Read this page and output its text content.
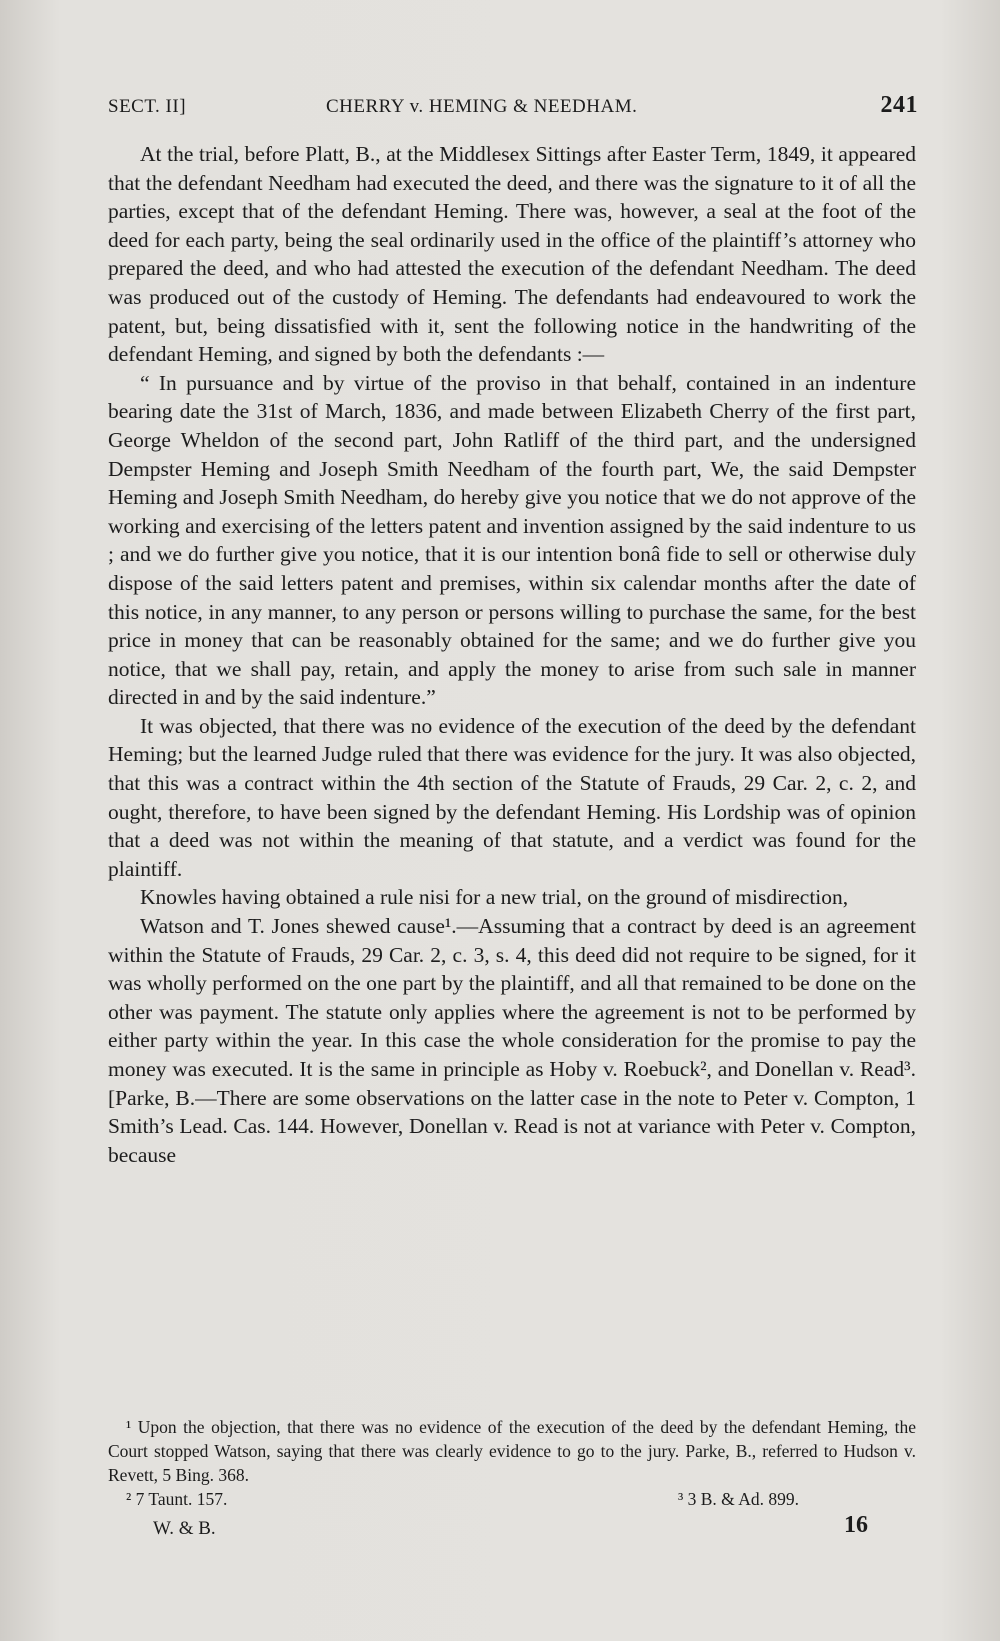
SECT. II]	CHERRY v. HEMING & NEEDHAM.	241

At the trial, before Platt, B., at the Middlesex Sittings after Easter Term, 1849, it appeared that the defendant Needham had executed the deed, and there was the signature to it of all the parties, except that of the defendant Heming. There was, however, a seal at the foot of the deed for each party, being the seal ordinarily used in the office of the plaintiff’s attorney who prepared the deed, and who had attested the execution of the defendant Needham. The deed was produced out of the custody of Heming. The defendants had endeavoured to work the patent, but, being dissatisfied with it, sent the following notice in the handwriting of the defendant Heming, and signed by both the defendants :—

“ In pursuance and by virtue of the proviso in that behalf, contained in an indenture bearing date the 31st of March, 1836, and made between Elizabeth Cherry of the first part, George Wheldon of the second part, John Ratliff of the third part, and the undersigned Dempster Heming and Joseph Smith Needham of the fourth part, We, the said Dempster Heming and Joseph Smith Needham, do hereby give you notice that we do not approve of the working and exercising of the letters patent and invention assigned by the said indenture to us ; and we do further give you notice, that it is our intention bonâ fide to sell or otherwise duly dispose of the said letters patent and premises, within six calendar months after the date of this notice, in any manner, to any person or persons willing to purchase the same, for the best price in money that can be reasonably obtained for the same; and we do further give you notice, that we shall pay, retain, and apply the money to arise from such sale in manner directed in and by the said indenture.”

It was objected, that there was no evidence of the execution of the deed by the defendant Heming; but the learned Judge ruled that there was evidence for the jury. It was also objected, that this was a contract within the 4th section of the Statute of Frauds, 29 Car. 2, c. 2, and ought, therefore, to have been signed by the defendant Heming. His Lordship was of opinion that a deed was not within the meaning of that statute, and a verdict was found for the plaintiff.

Knowles having obtained a rule nisi for a new trial, on the ground of misdirection,

Watson and T. Jones shewed cause¹.—Assuming that a contract by deed is an agreement within the Statute of Frauds, 29 Car. 2, c. 3, s. 4, this deed did not require to be signed, for it was wholly performed on the one part by the plaintiff, and all that remained to be done on the other was payment. The statute only applies where the agreement is not to be performed by either party within the year. In this case the whole consideration for the promise to pay the money was executed. It is the same in principle as Hoby v. Roebuck², and Donellan v. Read³. [Parke, B.—There are some observations on the latter case in the note to Peter v. Compton, 1 Smith’s Lead. Cas. 144. However, Donellan v. Read is not at variance with Peter v. Compton, because

¹ Upon the objection, that there was no evidence of the execution of the deed by the defendant Heming, the Court stopped Watson, saying that there was clearly evidence to go to the jury. Parke, B., referred to Hudson v. Revett, 5 Bing. 368.

² 7 Taunt. 157.	³ 3 B. & Ad. 899.
W. & B.	16
